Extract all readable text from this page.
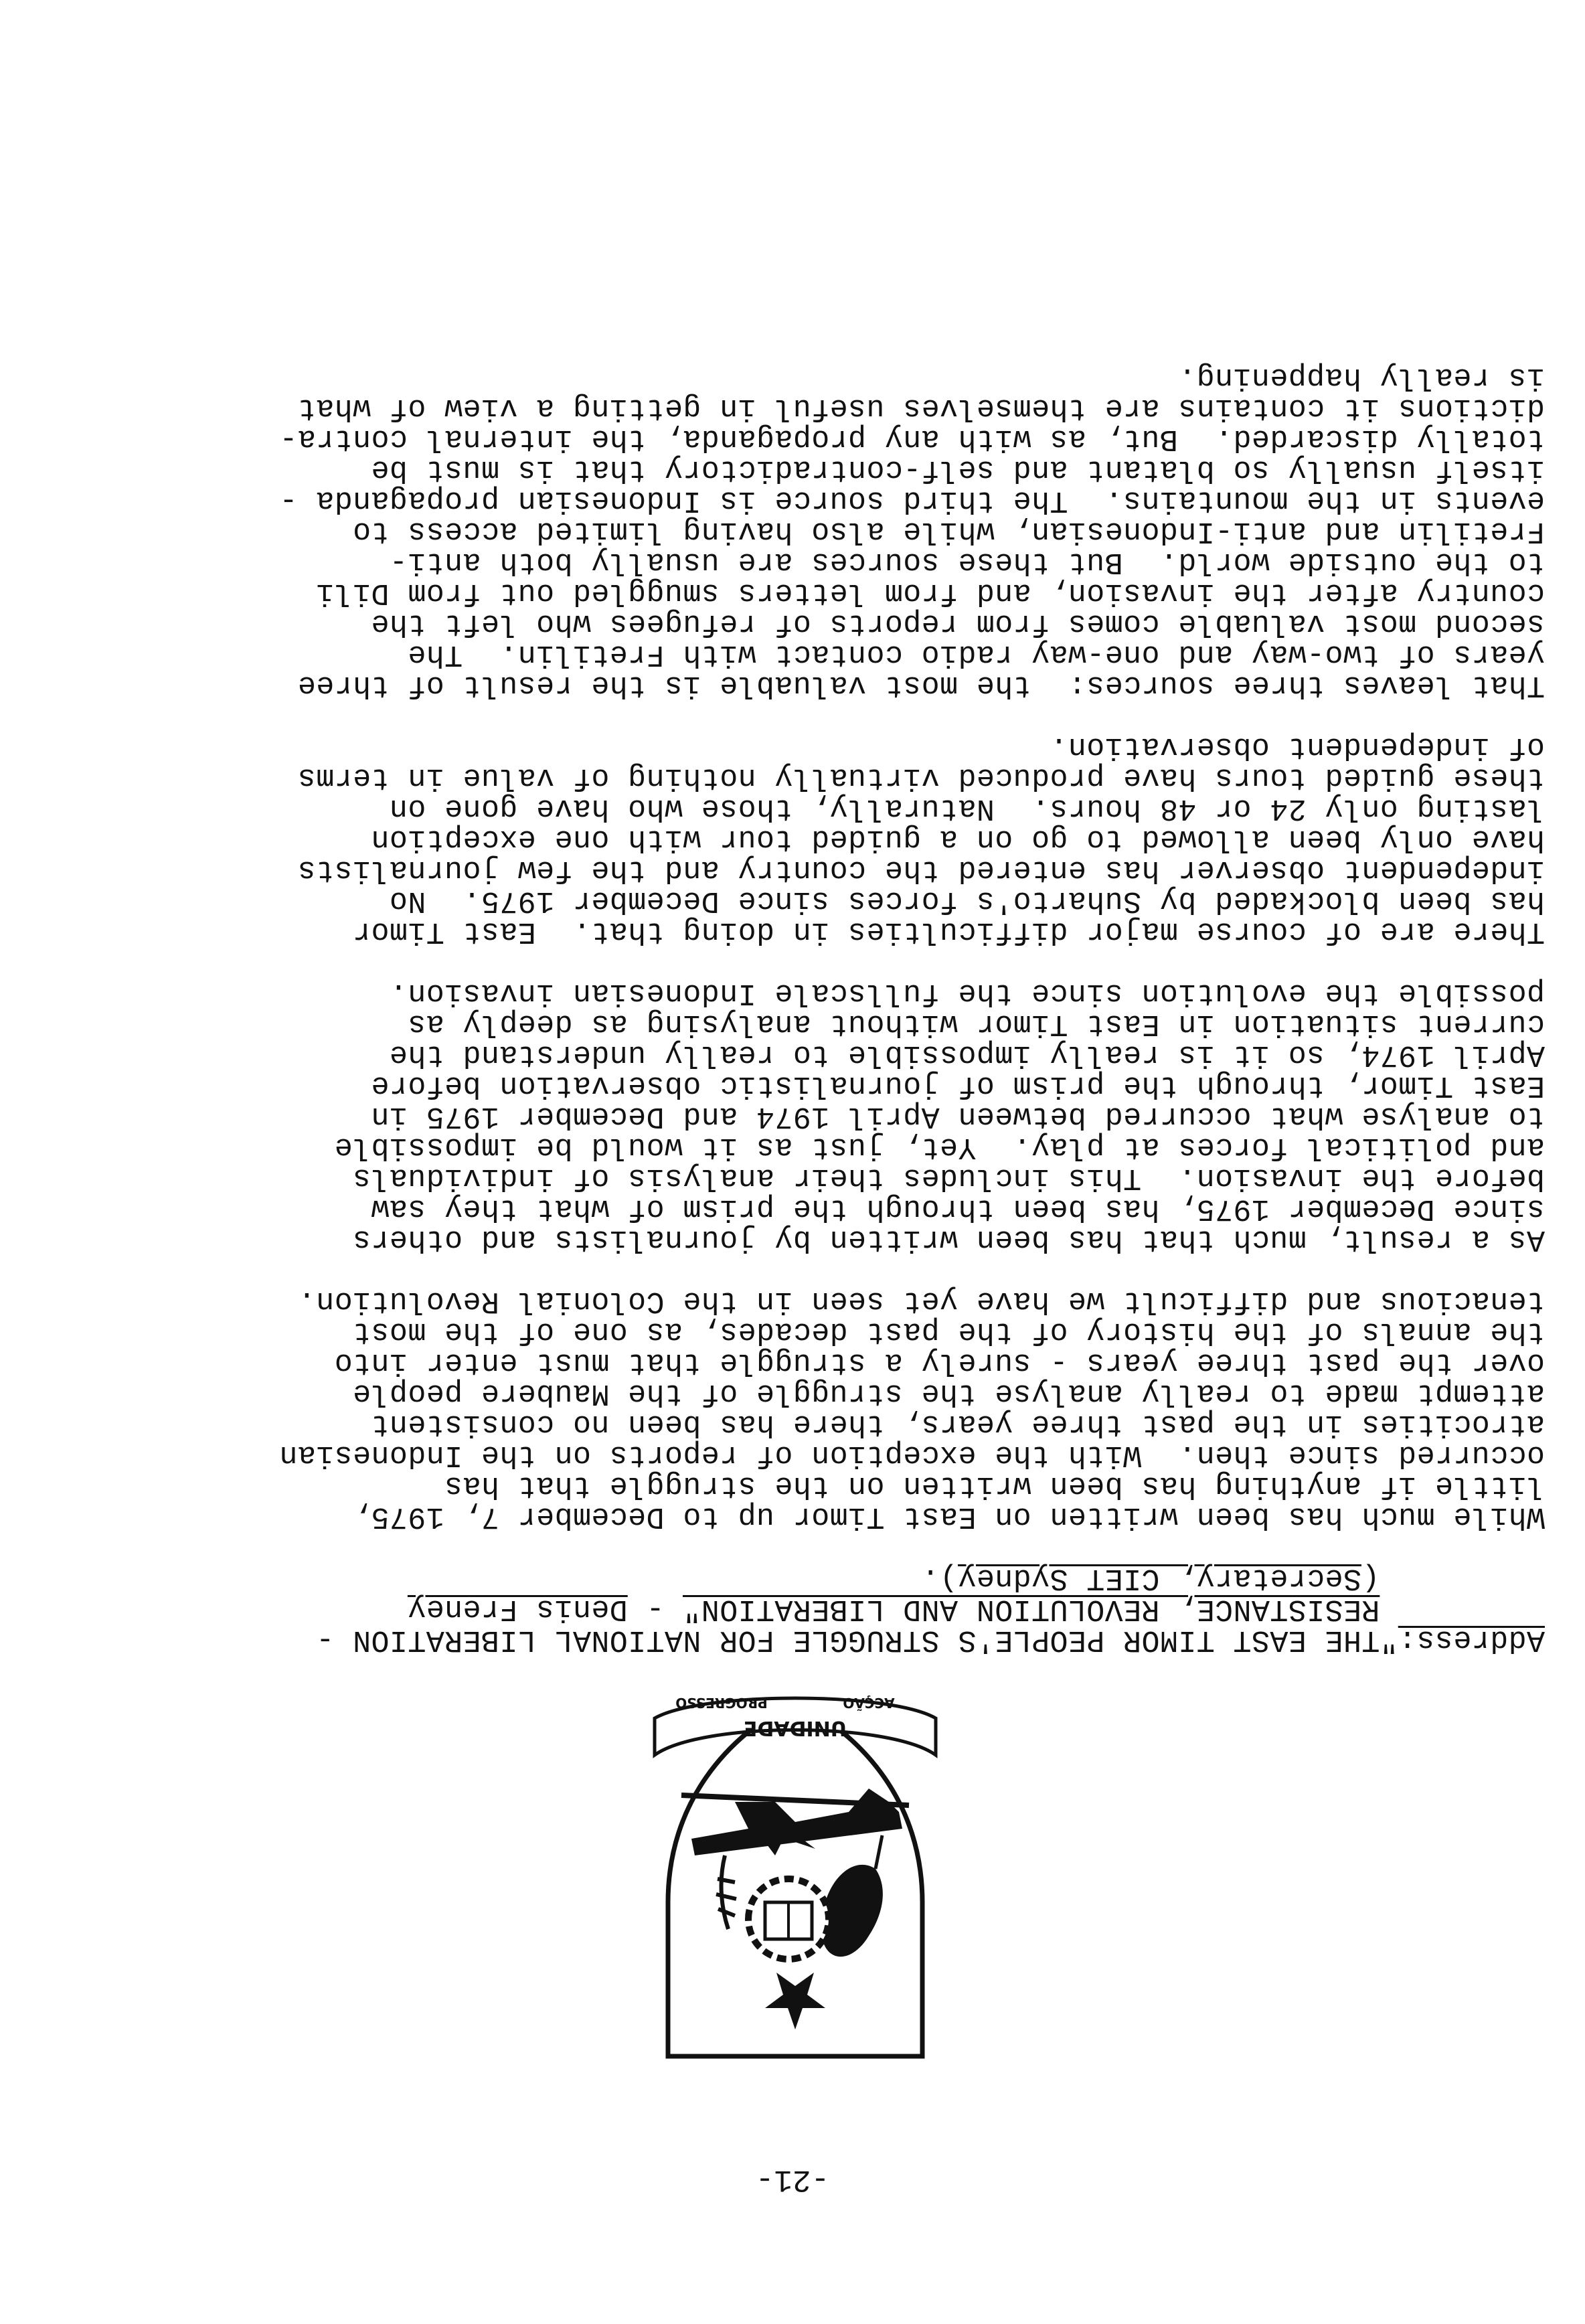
-21-
UNIDADE
ACÇÃO
PROGRESSO
Address:"THE EAST TIMOR PEOPLE'S STRUGGLE FOR NATIONAL LIBERATION -
RESISTANCE, REVOLUTION AND LIBERATION" - Denis Freney
(Secretary, CIET Sydney).
While much has been written on East Timor up to December 7, 1975,
little if anything has been written on the struggle that has
occurred since then.  With the exception of reports on the Indonesian
atrocities in the past three years, there has been no consistent
attempt made to really analyse the struggle of the Maubere people
over the past three years - surely a struggle that must enter into
the annals of the history of the past decades, as one of the most
tenacious and difficult we have yet seen in the Colonial Revolution.
As a result, much that has been written by journalists and others
since December 1975, has been through the prism of what they saw
before the invasion.  This includes their analysis of individuals
and political forces at play.  Yet, just as it would be impossible
to analyse what occurred between April 1974 and December 1975 in
East Timor, through the prism of journalistic observation before
April 1974, so it is really impossible to really understand the
current situation in East Timor without analysing as deeply as
possible the evolution since the fullscale Indonesian invasion.
There are of course major difficulties in doing that.  East Timor
has been blockaded by Suharto's forces since December 1975.  No
independent observer has entered the country and the few journalists
have only been allowed to go on a guided tour with one exception
lasting only 24 or 48 hours.  Naturally, those who have gone on
these guided tours have produced virtually nothing of value in terms
of independent observation.
That leaves three sources:  the most valuable is the result of three
years of two-way and one-way radio contact with Fretilin.  The
second most valuable comes from reports of refugees who left the
country after the invasion, and from letters smuggled out from Dili
to the outside world.  But these sources are usually both anti-
Fretilin and anti-Indonesian, while also having limited access to
events in the mountains.  The third source is Indonesian propaganda -
itself usually so blatant and self-contradictory that is must be
totally discarded.  But, as with any propaganda, the internal contra-
dictions it contains are themselves useful in getting a view of what
is really happening.
